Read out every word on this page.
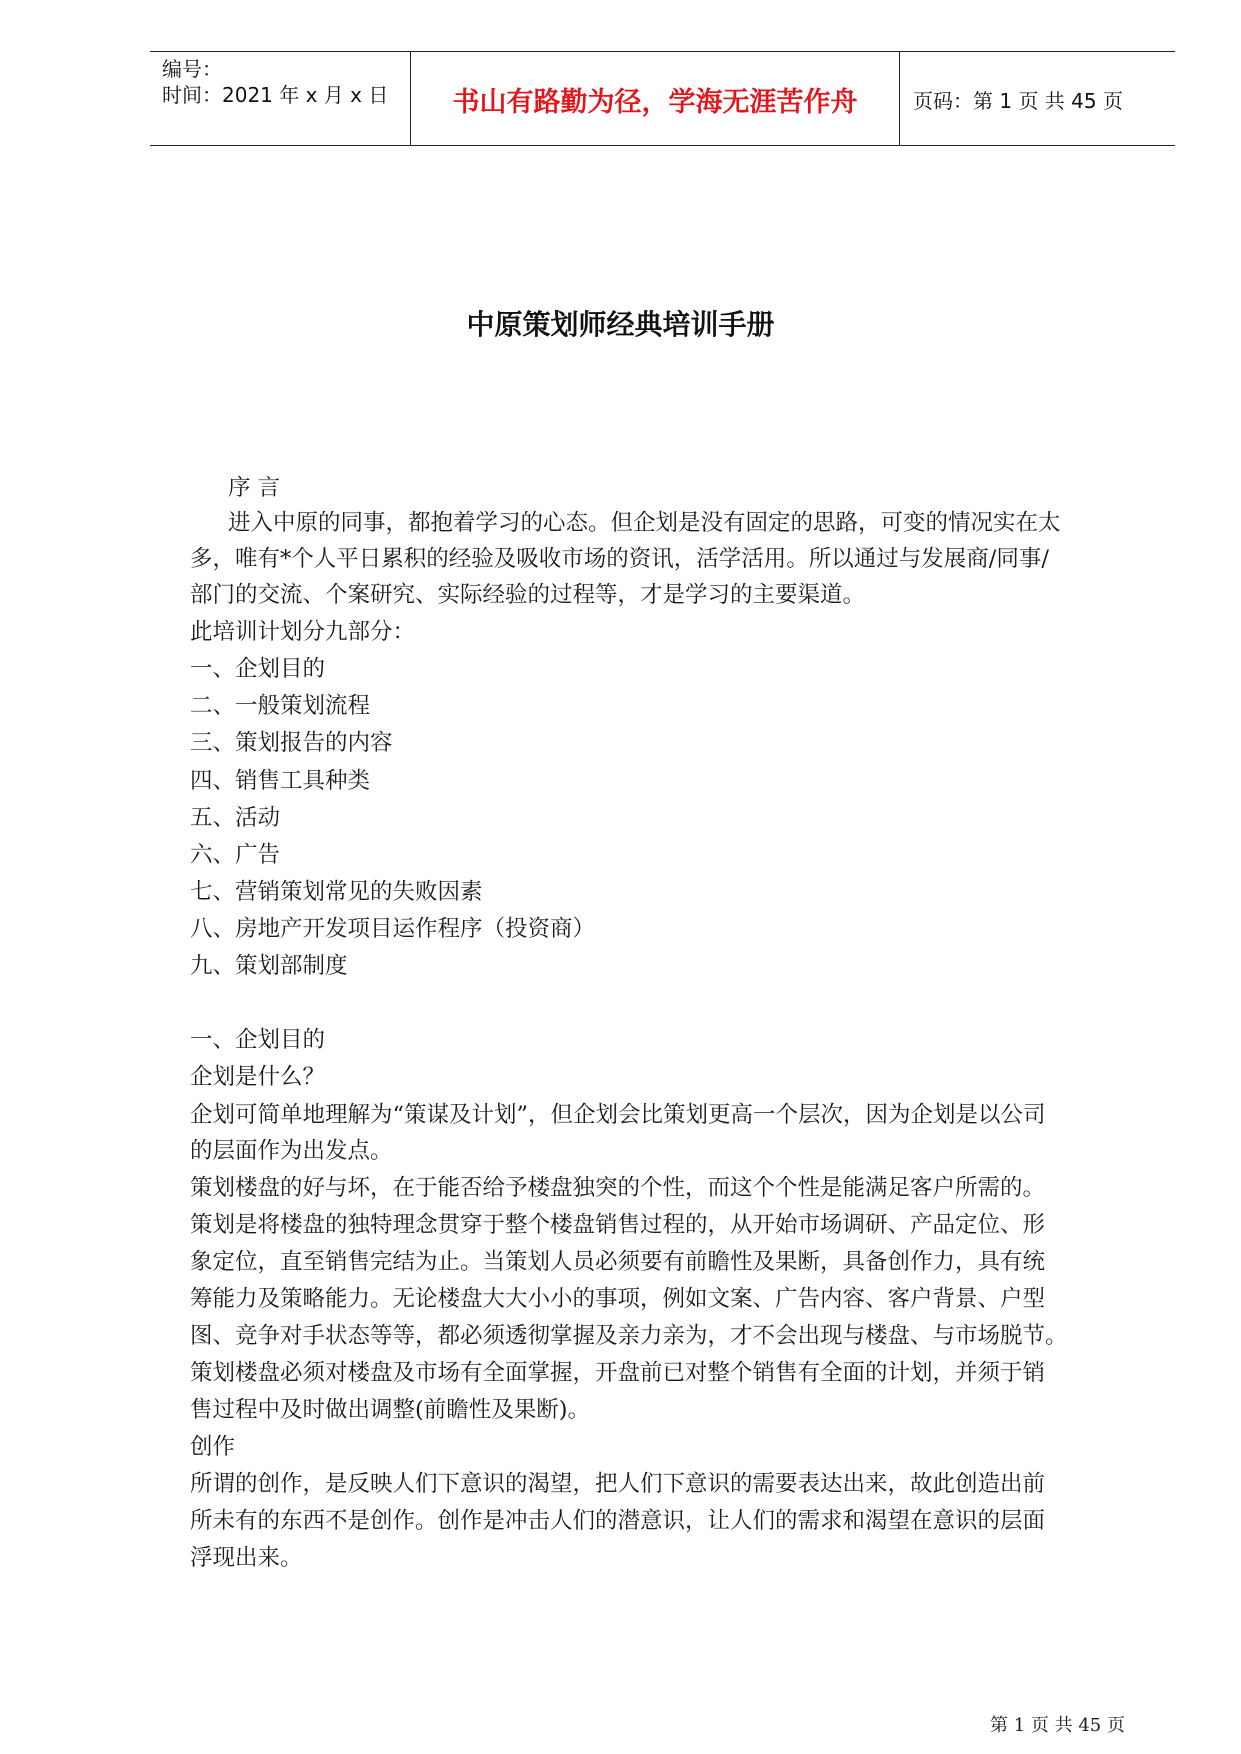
编号：
时间：2021 年 x 月 x 日	书山有路勤为径，学海无涯苦作舟	页码：第 1 页 共 45 页
中原策划师经典培训手册
序 言
进入中原的同事，都抱着学习的心态。但企划是没有固定的思路，可变的情况实在太
多，唯有*个人平日累积的经验及吸收市场的资讯，活学活用。所以通过与发展商/同事/
部门的交流、个案研究、实际经验的过程等，才是学习的主要渠道。
此培训计划分九部分：
一、企划目的
二、一般策划流程
三、策划报告的内容
四、销售工具种类
五、活动
六、广告
七、营销策划常见的失败因素
八、房地产开发项目运作程序（投资商）
九、策划部制度
一、企划目的
企划是什么？
企划可简单地理解为“策谋及计划”，但企划会比策划更高一个层次，因为企划是以公司
的层面作为出发点。
策划楼盘的好与坏，在于能否给予楼盘独突的个性，而这个个性是能满足客户所需的。
策划是将楼盘的独特理念贯穿于整个楼盘销售过程的，从开始市场调研、产品定位、形
象定位，直至销售完结为止。当策划人员必须要有前瞻性及果断，具备创作力，具有统
筹能力及策略能力。无论楼盘大大小小的事项，例如文案、广告内容、客户背景、户型
图、竞争对手状态等等，都必须透彻掌握及亲力亲为，才不会出现与楼盘、与市场脱节。
策划楼盘必须对楼盘及市场有全面掌握，开盘前已对整个销售有全面的计划，并须于销
售过程中及时做出调整(前瞻性及果断)。
创作
所谓的创作，是反映人们下意识的渴望，把人们下意识的需要表达出来，故此创造出前
所未有的东西不是创作。创作是冲击人们的潜意识，让人们的需求和渴望在意识的层面
浮现出来。
第 1 页 共 45 页
